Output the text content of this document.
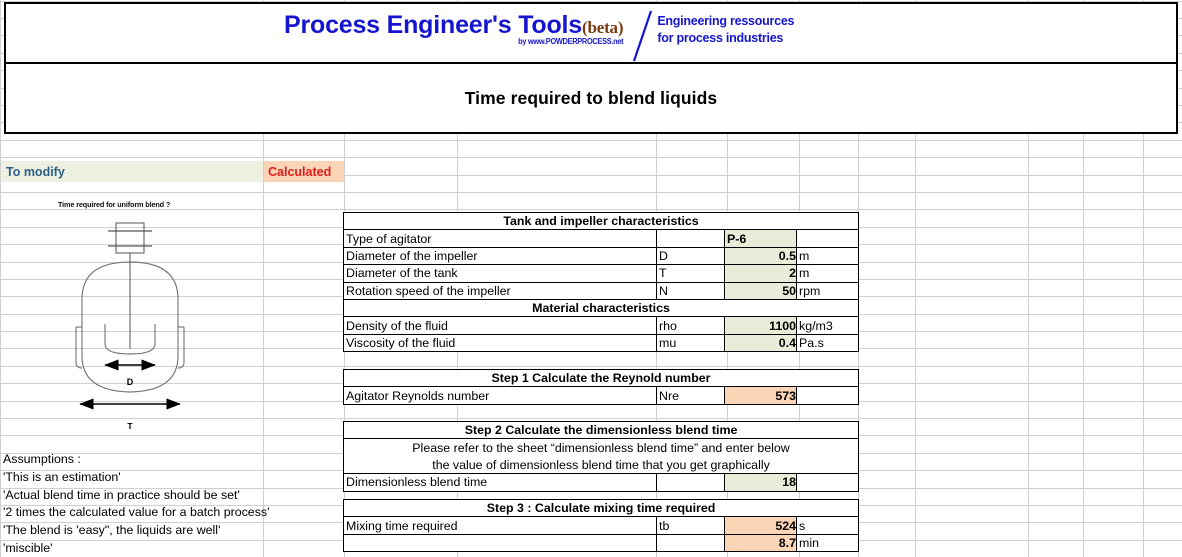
Process Engineer's Tools(beta)
by www.POWDERPROCESS.net
Engineering ressources
for process industries
Time required to blend liquids
To modify	Calculated
Time required for uniform blend ?
D
T
Assumptions :
'This is an estimation'
'Actual blend time in practice should be set'
'2 times the calculated value for a batch process'
'The blend is 'easy", the liquids are well'
'miscible'
Tank and impeller characteristics			
Type of agitator		P-6	
Diameter of the impeller	D	0.5	m
Diameter of the tank	T	2	m
Rotation speed of the impeller	N	50	rpm
Material characteristics			
Density of the fluid	rho	1100	kg/m3
Viscosity of the fluid	mu	0.4	Pa.s
Step 1 Calculate the Reynold number
Agitator Reynolds number	Nre	573	
Step 2 Calculate the dimensionless blend time
Please refer to the sheet “dimensionless blend time” and enter below
the value of dimensionless blend time that you get graphically
Dimensionless blend time		18	
Step 3 : Calculate mixing time required			
Mixing time required	tb	524	s
		8.7	min
